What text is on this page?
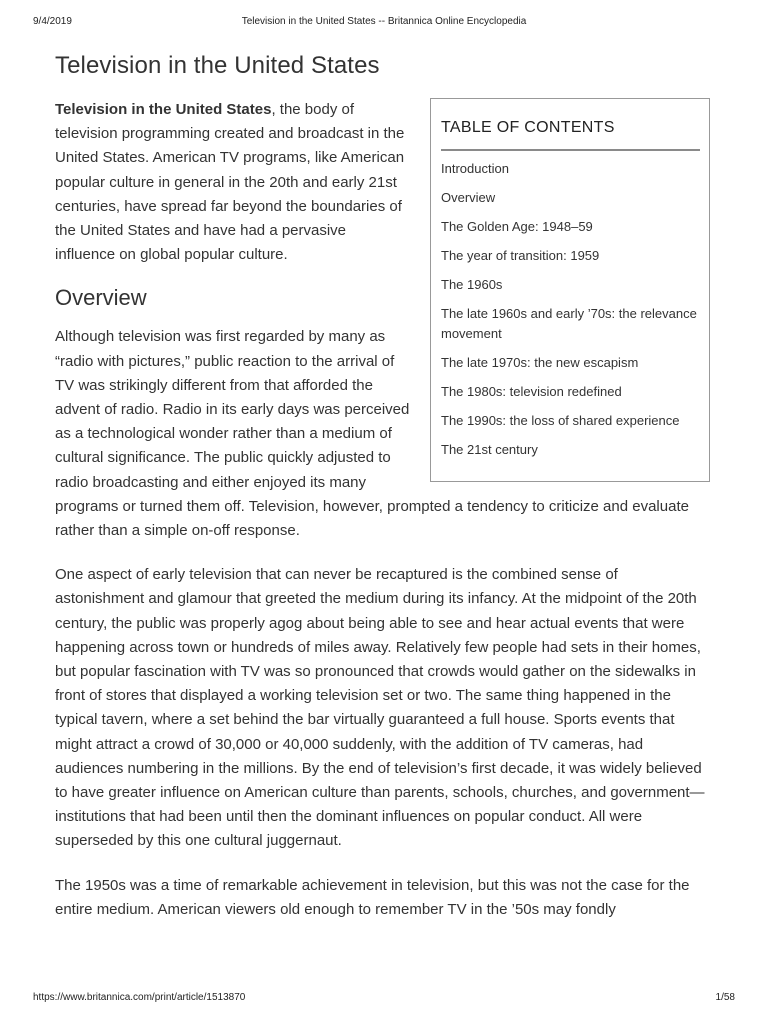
9/4/2019	Television in the United States -- Britannica Online Encyclopedia
Television in the United States
TABLE OF CONTENTS
Introduction
Overview
The Golden Age: 1948–59
The year of transition: 1959
The 1960s
The late 1960s and early ’70s: the relevance movement
The late 1970s: the new escapism
The 1980s: television redefined
The 1990s: the loss of shared experience
The 21st century

Television in the United States, the body of television programming created and broadcast in the United States. American TV programs, like American popular culture in general in the 20th and early 21st centuries, have spread far beyond the boundaries of the United States and have had a pervasive influence on global popular culture.

Overview

Although television was first regarded by many as “radio with pictures,” public reaction to the arrival of TV was strikingly different from that afforded the advent of radio. Radio in its early days was perceived as a technological wonder rather than a medium of cultural significance. The public quickly adjusted to radio broadcasting and either enjoyed its many programs or turned them off. Television, however, prompted a tendency to criticize and evaluate rather than a simple on-off response.

One aspect of early television that can never be recaptured is the combined sense of astonishment and glamour that greeted the medium during its infancy. At the midpoint of the 20th century, the public was properly agog about being able to see and hear actual events that were happening across town or hundreds of miles away. Relatively few people had sets in their homes, but popular fascination with TV was so pronounced that crowds would gather on the sidewalks in front of stores that displayed a working television set or two. The same thing happened in the typical tavern, where a set behind the bar virtually guaranteed a full house. Sports events that might attract a crowd of 30,000 or 40,000 suddenly, with the addition of TV cameras, had audiences numbering in the millions. By the end of television’s first decade, it was widely believed to have greater influence on American culture than parents, schools, churches, and government—institutions that had been until then the dominant influences on popular conduct. All were superseded by this one cultural juggernaut.

The 1950s was a time of remarkable achievement in television, but this was not the case for the entire medium. American viewers old enough to remember TV in the ’50s may fondly

https://www.britannica.com/print/article/1513870	1/58
